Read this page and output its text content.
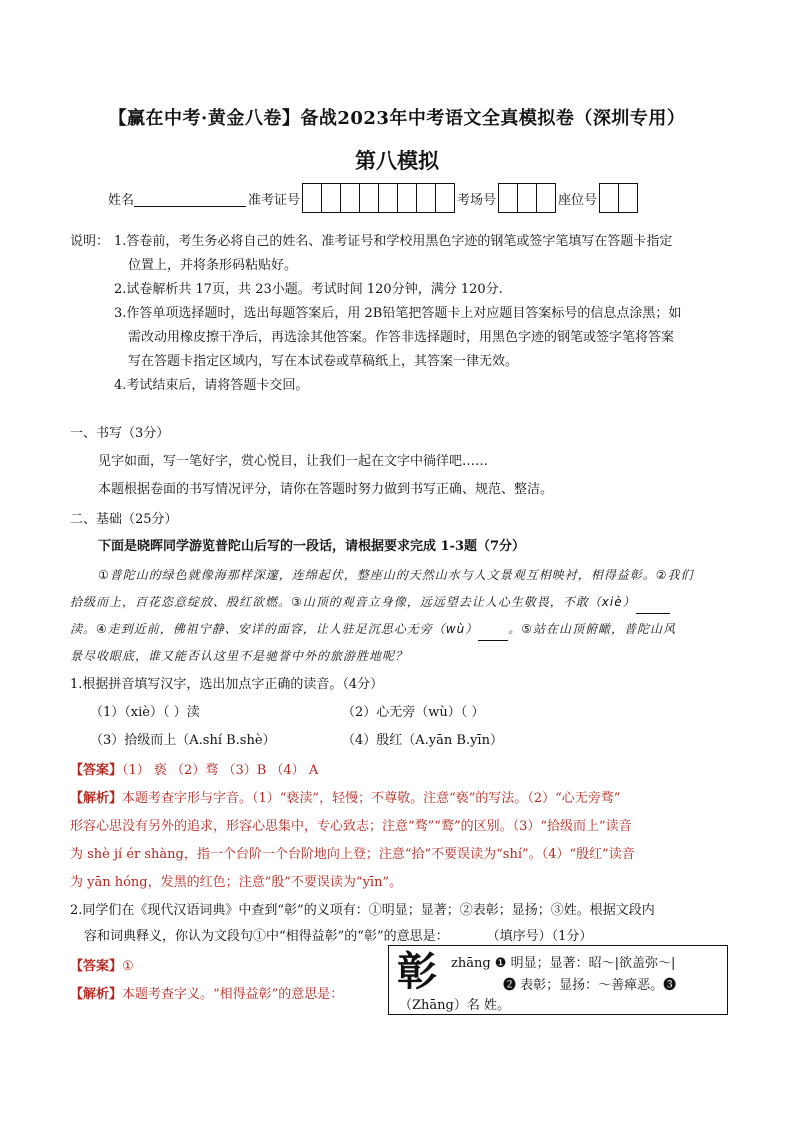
【赢在中考·黄金八卷】备战2023年中考语文全真模拟卷（深圳专用）
第八模拟
姓名	准考证号	考场号	座位号
说明： 1.答卷前，考生务必将自己的姓名、准考证号和学校用黑色字迹的钢笔或签字笔填写在答题卡指定

位置上，并将条形码粘贴好。

2.试卷解析共 17页，共 23小题。考试时间 120分钟，满分 120分.

3.作答单项选择题时，选出每题答案后，用 2B铅笔把答题卡上对应题目答案标号的信息点涂黑；如

需改动用橡皮擦干净后，再选涂其他答案。作答非选择题时，用黑色字迹的钢笔或签字笔将答案

写在答题卡指定区域内，写在本试卷或草稿纸上，其答案一律无效。

4.考试结束后，请将答题卡交回。

一、书写（3分）
见字如面，写一笔好字，赏心悦目，让我们一起在文字中徜徉吧……
本题根据卷面的书写情况评分，请你在答题时努力做到书写正确、规范、整洁。
二、基础（25分）
下面是晓晖同学游览普陀山后写的一段话，请根据要求完成 1-3题（7分）
①普陀山的绿色就像海那样深邃，连绵起伏，整座山的天然山水与人文景观互相映衬，相得益彰。②我们
拾级而上，百花恣意绽放、殷红欲燃。③山顶的观音立身像，远远望去让人心生敬畏，不敢（xiè）
渎。④走到近前，佛祖宁静、安详的面容，让人驻足沉思心无旁（wù）	。⑤站在山顶俯瞰，普陀山风
景尽收眼底，谁又能否认这里不是驰誉中外的旅游胜地呢？
1.根据拼音填写汉字，选出加点字正确的读音。（4分）
（1）（xiè）（ ）渎	（2）心无旁（wù）（ ）
（3）拾级而上（A.shí B.shè）	（4）殷红（A.yān B.yīn）
【答案】（1） 亵 （2）骛 （3）B （4） A
【解析】本题考查字形与字音。（1）“亵渎”，轻慢；不尊敬。注意“亵”的写法。（2）“心无旁骛”
形容心思没有另外的追求，形容心思集中，专心致志；注意“骛”“鹜”的区别。（3）“拾级而上”读音
为 shè jí ér shàng，指一个台阶一个台阶地向上登；注意“拾”不要误读为“shí”。（4）“殷红”读音
为 yān hóng，发黑的红色；注意“殷”不要误读为“yīn”。
2.同学们在《现代汉语词典》中查到“彰”的义项有：①明显；显著；②表彰；显扬；③姓。根据文段内
容和词典释义，你认为文段句①中“相得益彰”的“彰”的意思是：	（填序号）（1分）
【答案】①
【解析】本题考查字义。“相得益彰”的意思是： 彰 zhāng ❶ 明显；显著：昭～|欲盖弥～|
❷ 表彰；显扬：～善瘅恶。❸
（Zhāng）名 姓。
